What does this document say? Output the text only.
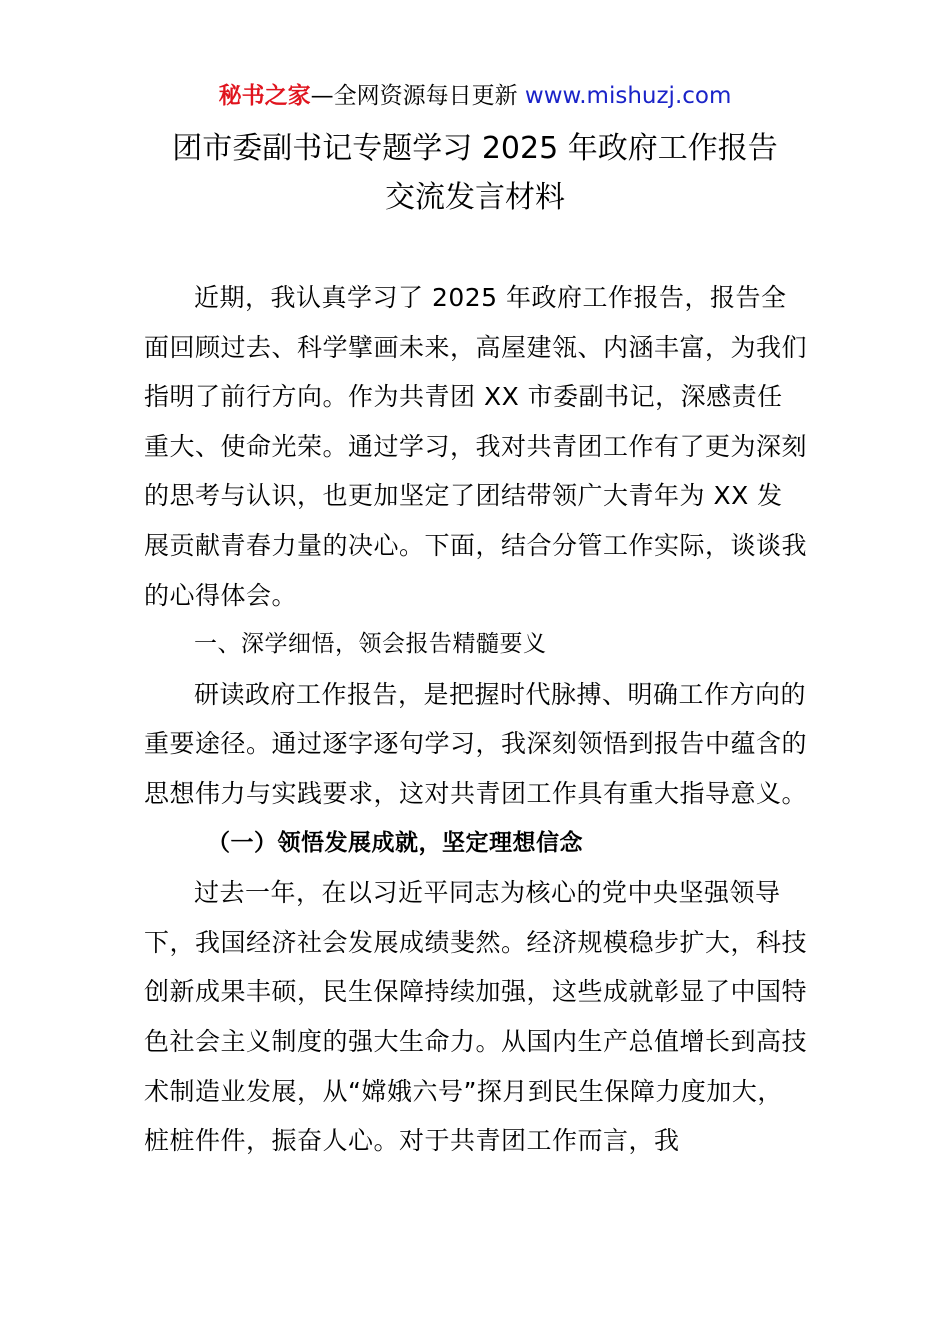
秘书之家—全网资源每日更新 www.mishuzj.com
团市委副书记专题学习 2025 年政府工作报告
交流发言材料

近期，我认真学习了 2025 年政府工作报告，报告全面回顾过去、科学擘画未来，高屋建瓴、内涵丰富，为我们指明了前行方向。作为共青团 XX 市委副书记，深感责任重大、使命光荣。通过学习，我对共青团工作有了更为深刻的思考与认识，也更加坚定了团结带领广大青年为 XX 发展贡献青春力量的决心。下面，结合分管工作实际，谈谈我的心得体会。

一、深学细悟，领会报告精髓要义

研读政府工作报告，是把握时代脉搏、明确工作方向的重要途径。通过逐字逐句学习，我深刻领悟到报告中蕴含的思想伟力与实践要求，这对共青团工作具有重大指导意义。

（一）领悟发展成就，坚定理想信念

过去一年，在以习近平同志为核心的党中央坚强领导下，我国经济社会发展成绩斐然。经济规模稳步扩大，科技创新成果丰硕，民生保障持续加强，这些成就彰显了中国特色社会主义制度的强大生命力。从国内生产总值增长到高技术制造业发展，从“嫦娥六号”探月到民生保障力度加大，桩桩件件，振奋人心。对于共青团工作而言，我
